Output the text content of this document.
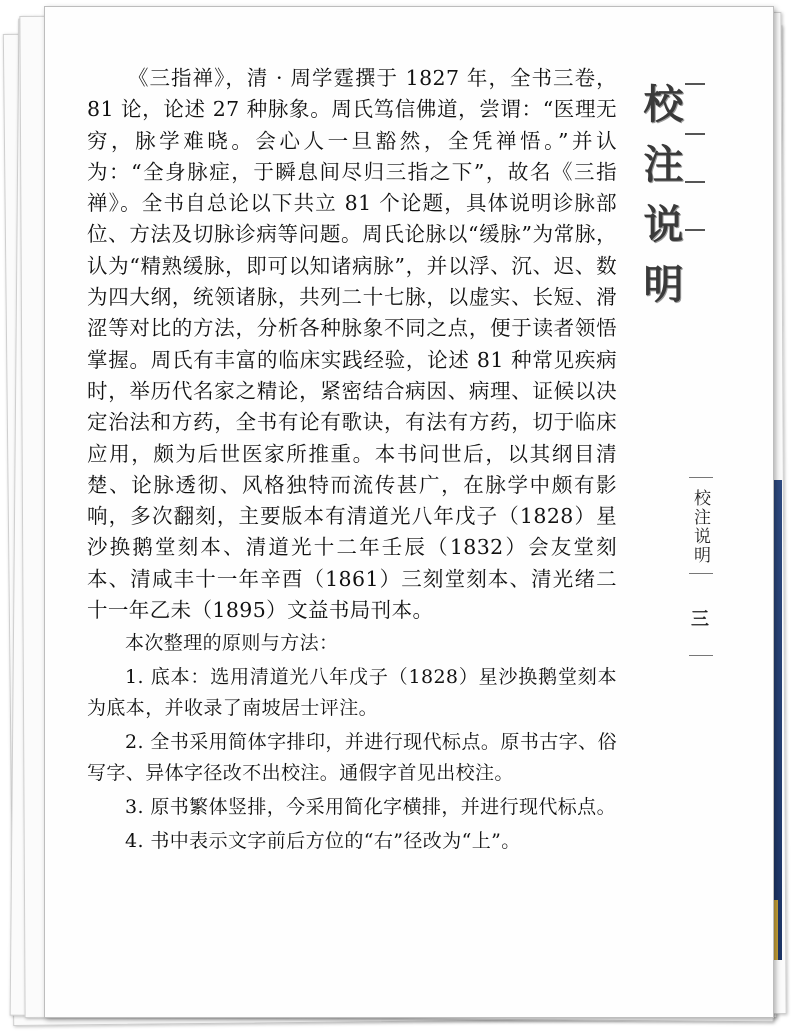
《三指禅》，清 · 周学霆撰于 1827 年，全书三卷，81 论，论述 27 种脉象。周氏笃信佛道，尝谓：“医理无穷，脉学难晓。会心人一旦豁然，全凭禅悟。”并认为：“全身脉症，于瞬息间尽归三指之下”，故名《三指禅》。全书自总论以下共立 81 个论题，具体说明诊脉部位、方法及切脉诊病等问题。周氏论脉以“缓脉”为常脉，认为“精熟缓脉，即可以知诸病脉”，并以浮、沉、迟、数为四大纲，统领诸脉，共列二十七脉，以虚实、长短、滑涩等对比的方法，分析各种脉象不同之点，便于读者领悟掌握。周氏有丰富的临床实践经验，论述 81 种常见疾病时，举历代名家之精论，紧密结合病因、病理、证候以决定治法和方药，全书有论有歌诀，有法有方药，切于临床应用，颇为后世医家所推重。本书问世后，以其纲目清楚、论脉透彻、风格独特而流传甚广，在脉学中颇有影响，多次翻刻，主要版本有清道光八年戊子（1828）星沙换鹅堂刻本、清道光十二年壬辰（1832）会友堂刻本、清咸丰十一年辛酉（1861）三刻堂刻本、清光绪二十一年乙未（1895）文益书局刊本。

本次整理的原则与方法：

1. 底本：选用清道光八年戊子（1828）星沙换鹅堂刻本为底本，并收录了南坡居士评注。

2. 全书采用简体字排印，并进行现代标点。原书古字、俗写字、异体字径改不出校注。通假字首见出校注。

3. 原书繁体竖排，今采用简化字横排，并进行现代标点。

4. 书中表示文字前后方位的“右”径改为“上”。

校注说明
校注说明
三
